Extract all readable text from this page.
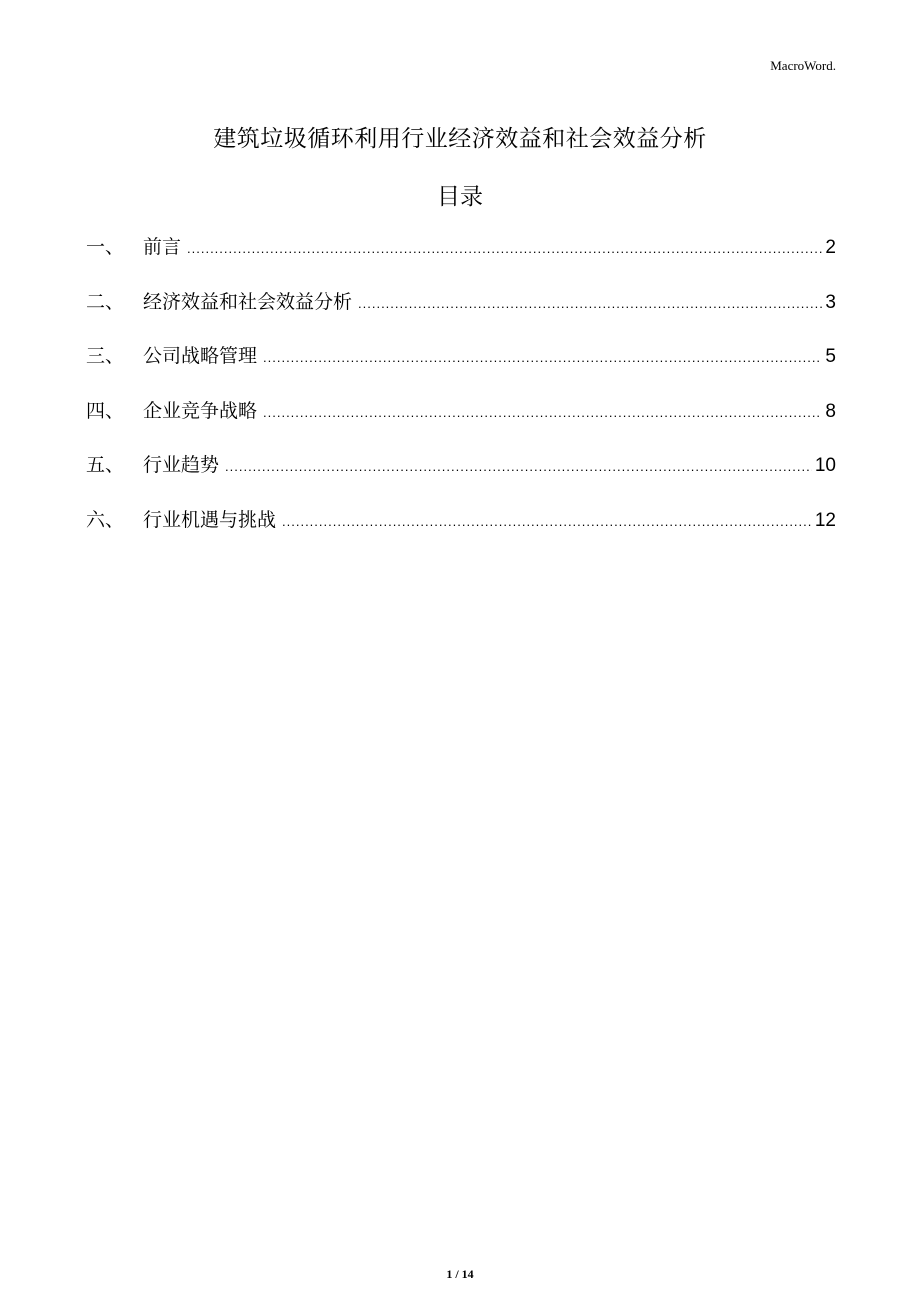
MacroWord.
建筑垃圾循环利用行业经济效益和社会效益分析
目录
一、 前言 .....	2
二、 经济效益和社会效益分析 .....	3
三、 公司战略管理 .....	5
四、 企业竞争战略 .....	8
五、 行业趋势 .....	10
六、 行业机遇与挑战 .....	12
1 / 14
